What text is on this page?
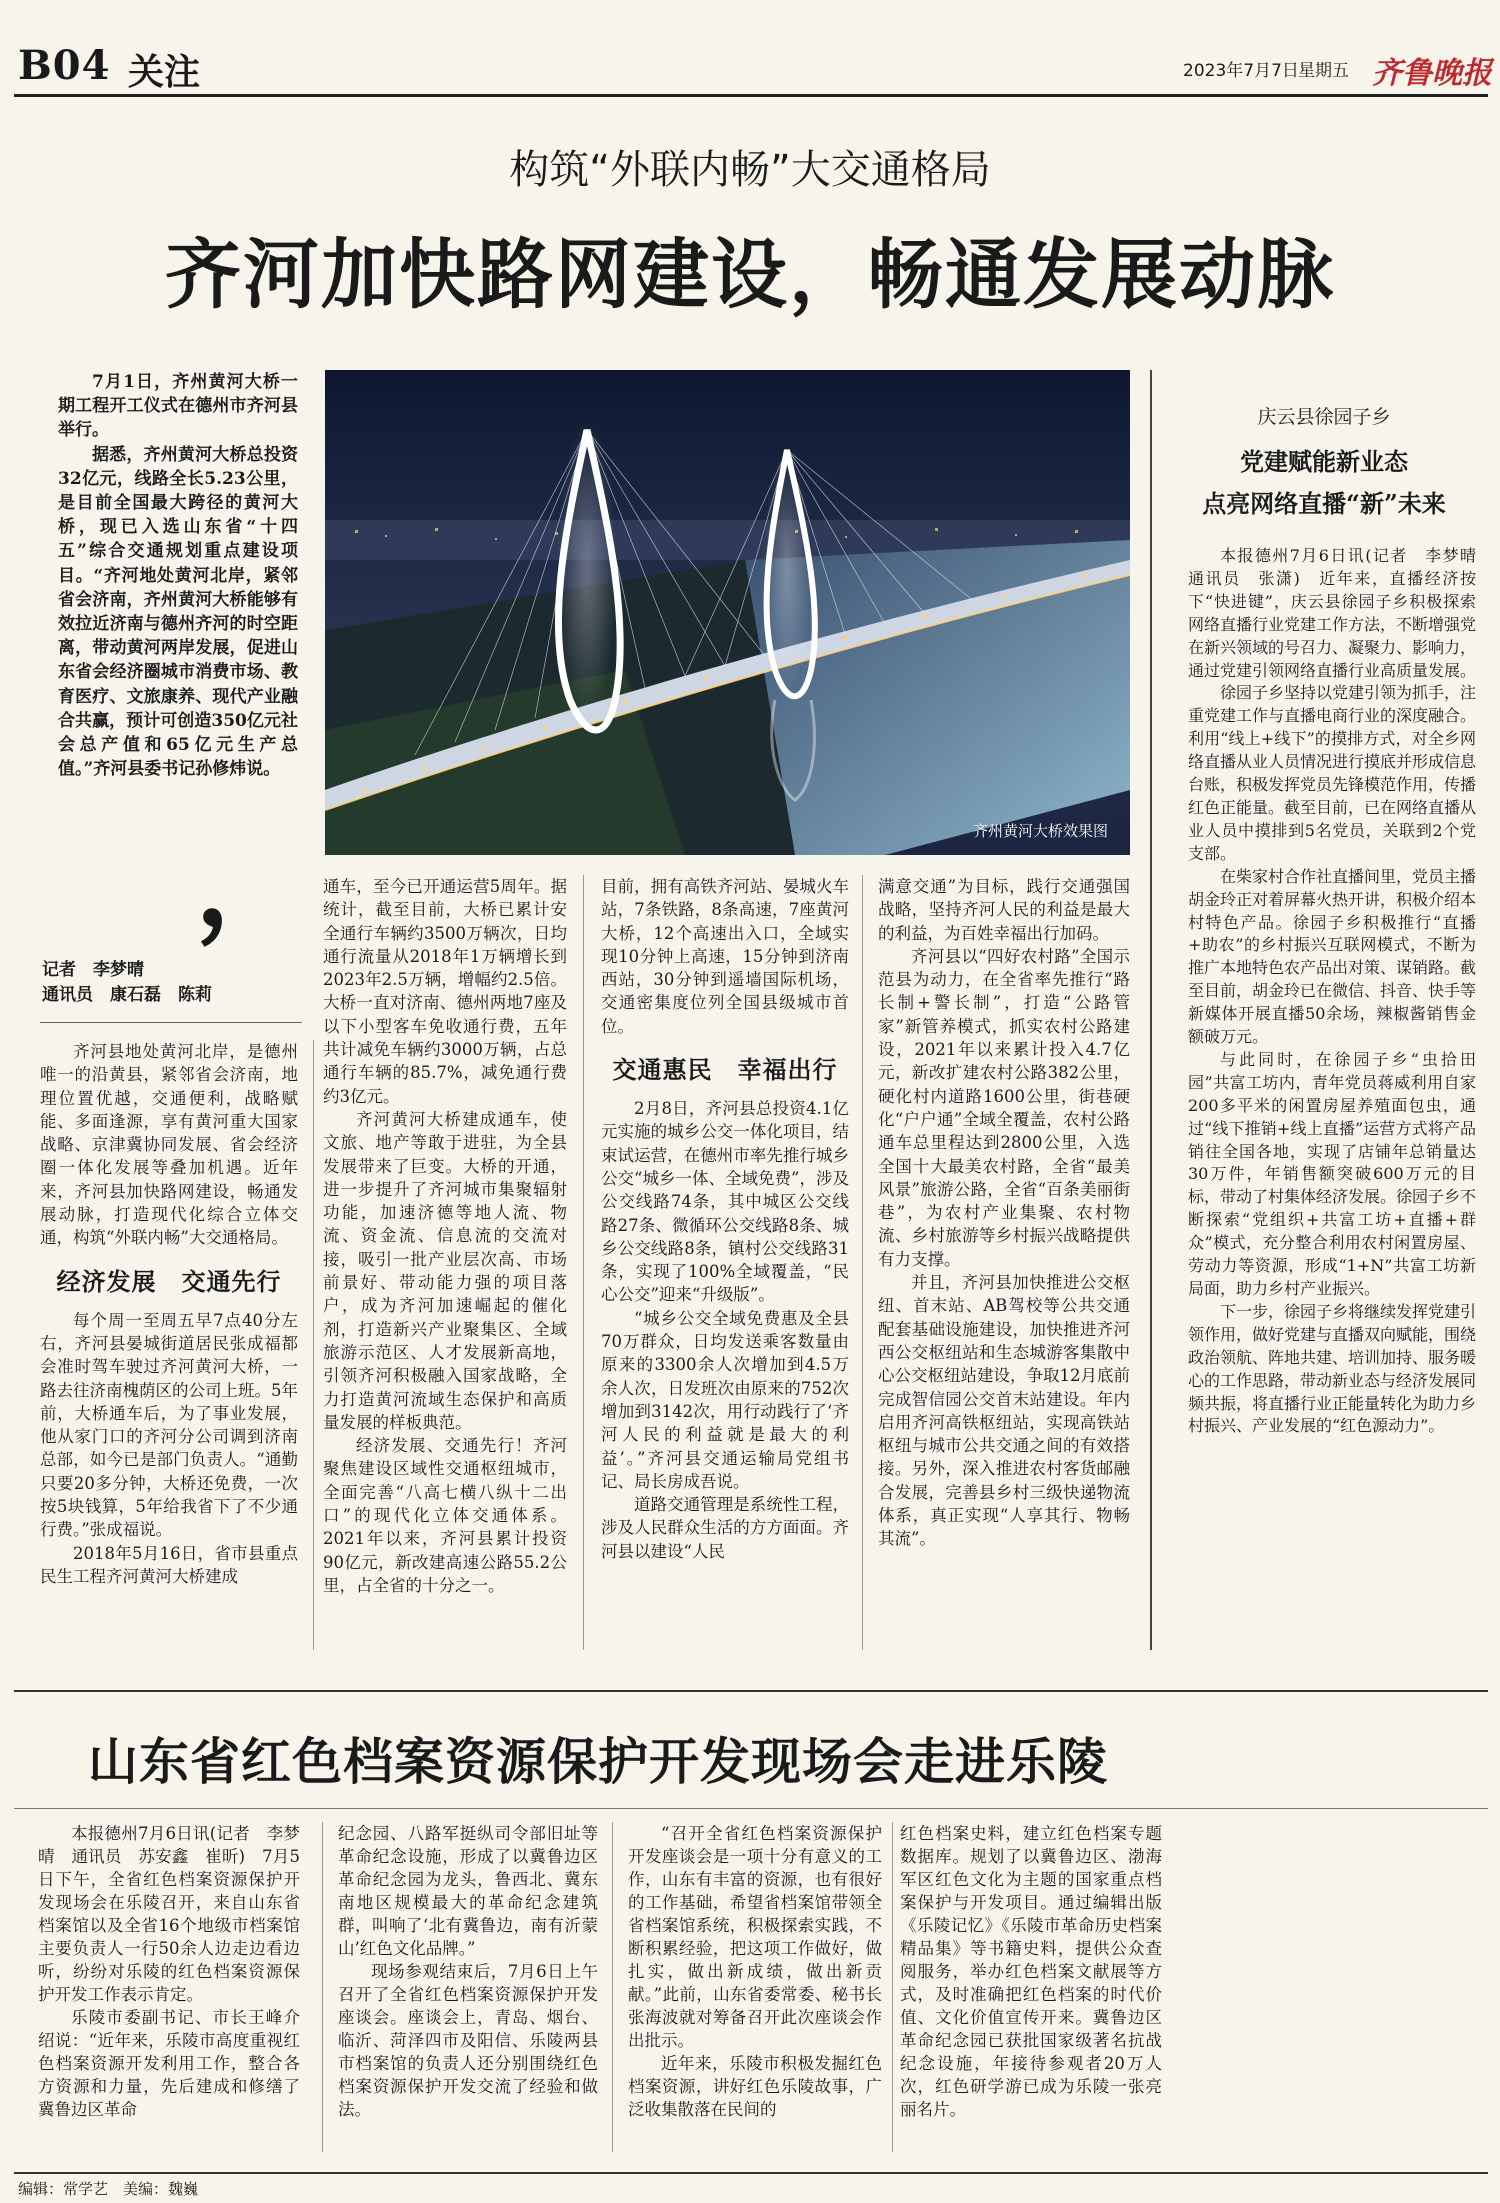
B04 关注	2023年7月7日 星期五 齐鲁晚报
构筑“外联内畅”大交通格局
齐河加快路网建设，畅通发展动脉

7月1日，齐州黄河大桥一期工程开工仪式在德州市齐河县举行。

据悉，齐州黄河大桥总投资32亿元，线路全长5.23公里，是目前全国最大跨径的黄河大桥，现已入选山东省“十四五”综合交通规划重点建设项目。“齐河地处黄河北岸，紧邻省会济南，齐州黄河大桥能够有效拉近济南与德州齐河的时空距离，带动黄河两岸发展，促进山东省会经济圈城市消费市场、教育医疗、文旅康养、现代产业融合共赢，预计可创造350亿元社会总产值和65亿元生产总值。”齐河县委书记孙修炜说。

，
记者　李梦晴
通讯员　康石磊　陈莉
齐州黄河大桥效果图

齐河县地处黄河北岸，是德州唯一的沿黄县，紧邻省会济南，地理位置优越，交通便利，战略赋能、多面逢源，享有黄河重大国家战略、京津冀协同发展、省会经济圈一体化发展等叠加机遇。近年来，齐河县加快路网建设，畅通发展动脉，打造现代化综合立体交通，构筑“外联内畅”大交通格局。

经济发展　交通先行

每个周一至周五早7点40分左右，齐河县晏城街道居民张成福都会准时驾车驶过齐河黄河大桥，一路去往济南槐荫区的公司上班。5年前，大桥通车后，为了事业发展，他从家门口的齐河分公司调到济南总部，如今已是部门负责人。“通勤只要20多分钟，大桥还免费，一次按5块钱算，5年给我省下了不少通行费。”张成福说。

2018年5月16日，省市县重点民生工程齐河黄河大桥建成

通车，至今已开通运营5周年。据统计，截至目前，大桥已累计安全通行车辆约3500万辆次，日均通行流量从2018年1万辆增长到2023年2.5万辆，增幅约2.5倍。大桥一直对济南、德州两地7座及以下小型客车免收通行费，五年共计减免车辆约3000万辆，占总通行车辆的85.7%，减免通行费约3亿元。

齐河黄河大桥建成通车，使文旅、地产等敢于进驻，为全县发展带来了巨变。大桥的开通，进一步提升了齐河城市集聚辐射功能，加速济德等地人流、物流、资金流、信息流的交流对接，吸引一批产业层次高、市场前景好、带动能力强的项目落户，成为齐河加速崛起的催化剂，打造新兴产业聚集区、全域旅游示范区、人才发展新高地，引领齐河积极融入国家战略，全力打造黄河流域生态保护和高质量发展的样板典范。

经济发展、交通先行！齐河聚焦建设区域性交通枢纽城市，全面完善“八高七横八纵十二出口”的现代化立体交通体系。2021年以来，齐河县累计投资90亿元，新改建高速公路55.2公里，占全省的十分之一。

目前，拥有高铁齐河站、晏城火车站，7条铁路，8条高速，7座黄河大桥，12个高速出入口，全域实现10分钟上高速，15分钟到济南西站，30分钟到遥墙国际机场，交通密集度位列全国县级城市首位。

交通惠民　幸福出行

2月8日，齐河县总投资4.1亿元实施的城乡公交一体化项目，结束试运营，在德州市率先推行城乡公交“城乡一体、全域免费”，涉及公交线路74条，其中城区公交线路27条、微循环公交线路8条、城乡公交线路8条，镇村公交线路31条，实现了100%全域覆盖，“民心公交”迎来“升级版”。

“城乡公交全域免费惠及全县70万群众，日均发送乘客数量由原来的3300余人次增加到4.5万余人次，日发班次由原来的752次增加到3142次，用行动践行了‘齐河人民的利益就是最大的利益’。”齐河县交通运输局党组书记、局长房成吾说。

道路交通管理是系统性工程，涉及人民群众生活的方方面面。齐河县以建设“人民

满意交通”为目标，践行交通强国战略，坚持齐河人民的利益是最大的利益，为百姓幸福出行加码。

齐河县以“四好农村路”全国示范县为动力，在全省率先推行“路长制+警长制”，打造“公路管家”新管养模式，抓实农村公路建设，2021年以来累计投入4.7亿元，新改扩建农村公路382公里，硬化村内道路1600公里，街巷硬化“户户通”全域全覆盖，农村公路通车总里程达到2800公里，入选全国十大最美农村路，全省“最美风景”旅游公路，全省“百条美丽街巷”，为农村产业集聚、农村物流、乡村旅游等乡村振兴战略提供有力支撑。

并且，齐河县加快推进公交枢纽、首末站、AB驾校等公共交通配套基础设施建设，加快推进齐河西公交枢纽站和生态城游客集散中心公交枢纽站建设，争取12月底前完成智信园公交首末站建设。年内启用齐河高铁枢纽站，实现高铁站枢纽与城市公共交通之间的有效搭接。另外，深入推进农村客货邮融合发展，完善县乡村三级快递物流体系，真正实现“人享其行、物畅其流”。

庆云县徐园子乡
党建赋能新业态
点亮网络直播“新”未来

本报德州7月6日讯(记者　李梦晴　通讯员　张潇)　近年来，直播经济按下“快进键”，庆云县徐园子乡积极探索网络直播行业党建工作方法，不断增强党在新兴领域的号召力、凝聚力、影响力，通过党建引领网络直播行业高质量发展。

徐园子乡坚持以党建引领为抓手，注重党建工作与直播电商行业的深度融合。利用“线上+线下”的摸排方式，对全乡网络直播从业人员情况进行摸底并形成信息台账，积极发挥党员先锋模范作用，传播红色正能量。截至目前，已在网络直播从业人员中摸排到5名党员，关联到2个党支部。

在柴家村合作社直播间里，党员主播胡金玲正对着屏幕火热开讲，积极介绍本村特色产品。徐园子乡积极推行“直播+助农”的乡村振兴互联网模式，不断为推广本地特色农产品出对策、谋销路。截至目前，胡金玲已在微信、抖音、快手等新媒体开展直播50余场，辣椒酱销售金额破万元。

与此同时，在徐园子乡“虫拾田园”共富工坊内，青年党员蒋威利用自家200多平米的闲置房屋养殖面包虫，通过“线下推销+线上直播”运营方式将产品销往全国各地，实现了店铺年总销量达30万件，年销售额突破600万元的目标，带动了村集体经济发展。徐园子乡不断探索“党组织+共富工坊+直播+群众”模式，充分整合利用农村闲置房屋、劳动力等资源，形成“1+N”共富工坊新局面，助力乡村产业振兴。

下一步，徐园子乡将继续发挥党建引领作用，做好党建与直播双向赋能，围绕政治领航、阵地共建、培训加持、服务暖心的工作思路，带动新业态与经济发展同频共振，将直播行业正能量转化为助力乡村振兴、产业发展的“红色源动力”。

山东省红色档案资源保护开发现场会走进乐陵

本报德州7月6日讯(记者　李梦晴　通讯员　苏安鑫　崔昕)　7月5日下午，全省红色档案资源保护开发现场会在乐陵召开，来自山东省档案馆以及全省16个地级市档案馆主要负责人一行50余人边走边看边听，纷纷对乐陵的红色档案资源保护开发工作表示肯定。

乐陵市委副书记、市长王峰介绍说：“近年来，乐陵市高度重视红色档案资源开发利用工作，整合各方资源和力量，先后建成和修缮了冀鲁边区革命

纪念园、八路军挺纵司令部旧址等革命纪念设施，形成了以冀鲁边区革命纪念园为龙头，鲁西北、冀东南地区规模最大的革命纪念建筑群，叫响了‘北有冀鲁边，南有沂蒙山’红色文化品牌。”

现场参观结束后，7月6日上午召开了全省红色档案资源保护开发座谈会。座谈会上，青岛、烟台、临沂、菏泽四市及阳信、乐陵两县市档案馆的负责人还分别围绕红色档案资源保护开发交流了经验和做法。

“召开全省红色档案资源保护开发座谈会是一项十分有意义的工作，山东有丰富的资源，也有很好的工作基础，希望省档案馆带领全省档案馆系统，积极探索实践，不断积累经验，把这项工作做好，做扎实，做出新成绩，做出新贡献。”此前，山东省委常委、秘书长张海波就对筹备召开此次座谈会作出批示。

近年来，乐陵市积极发掘红色档案资源，讲好红色乐陵故事，广泛收集散落在民间的

红色档案史料，建立红色档案专题数据库。规划了以冀鲁边区、渤海军区红色文化为主题的国家重点档案保护与开发项目。通过编辑出版《乐陵记忆》《乐陵市革命历史档案精品集》等书籍史料，提供公众查阅服务，举办红色档案文献展等方式，及时准确把红色档案的时代价值、文化价值宣传开来。冀鲁边区革命纪念园已获批国家级著名抗战纪念设施，年接待参观者20万人次，红色研学游已成为乐陵一张亮丽名片。

编辑：常学艺　美编：魏巍
